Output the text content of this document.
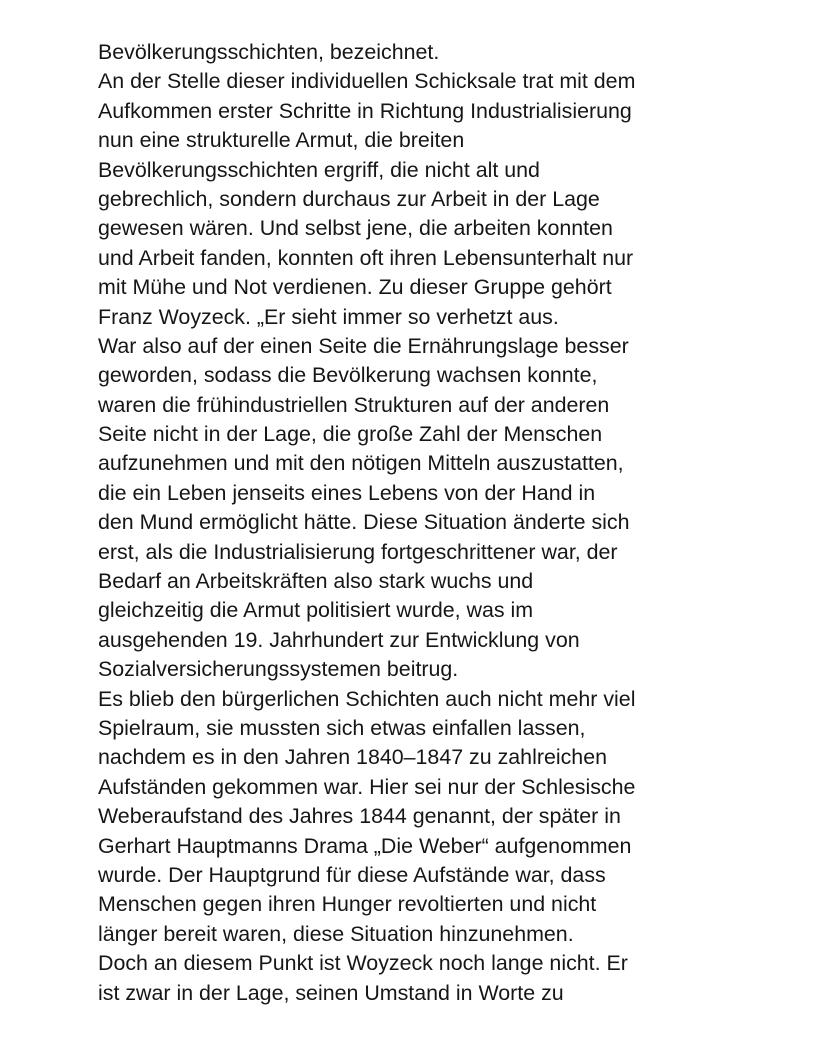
Bevölkerungsschichten, bezeichnet.
An der Stelle dieser individuellen Schicksale trat mit dem
Aufkommen erster Schritte in Richtung Industrialisierung
nun eine strukturelle Armut, die breiten
Bevölkerungsschichten ergriff, die nicht alt und
gebrechlich, sondern durchaus zur Arbeit in der Lage
gewesen wären. Und selbst jene, die arbeiten konnten
und Arbeit fanden, konnten oft ihren Lebensunterhalt nur
mit Mühe und Not verdienen. Zu dieser Gruppe gehört
Franz Woyzeck. „Er sieht immer so verhetzt aus.
War also auf der einen Seite die Ernährungslage besser
geworden, sodass die Bevölkerung wachsen konnte,
waren die frühindustriellen Strukturen auf der anderen
Seite nicht in der Lage, die große Zahl der Menschen
aufzunehmen und mit den nötigen Mitteln auszustatten,
die ein Leben jenseits eines Lebens von der Hand in
den Mund ermöglicht hätte. Diese Situation änderte sich
erst, als die Industrialisierung fortgeschrittener war, der
Bedarf an Arbeitskräften also stark wuchs und
gleichzeitig die Armut politisiert wurde, was im
ausgehenden 19. Jahrhundert zur Entwicklung von
Sozialversicherungssystemen beitrug.
Es blieb den bürgerlichen Schichten auch nicht mehr viel
Spielraum, sie mussten sich etwas einfallen lassen,
nachdem es in den Jahren 1840–1847 zu zahlreichen
Aufständen gekommen war. Hier sei nur der Schlesische
Weberaufstand des Jahres 1844 genannt, der später in
Gerhart Hauptmanns Drama „Die Weber“ aufgenommen
wurde. Der Hauptgrund für diese Aufstände war, dass
Menschen gegen ihren Hunger revoltierten und nicht
länger bereit waren, diese Situation hinzunehmen.
Doch an diesem Punkt ist Woyzeck noch lange nicht. Er
ist zwar in der Lage, seinen Umstand in Worte zu
